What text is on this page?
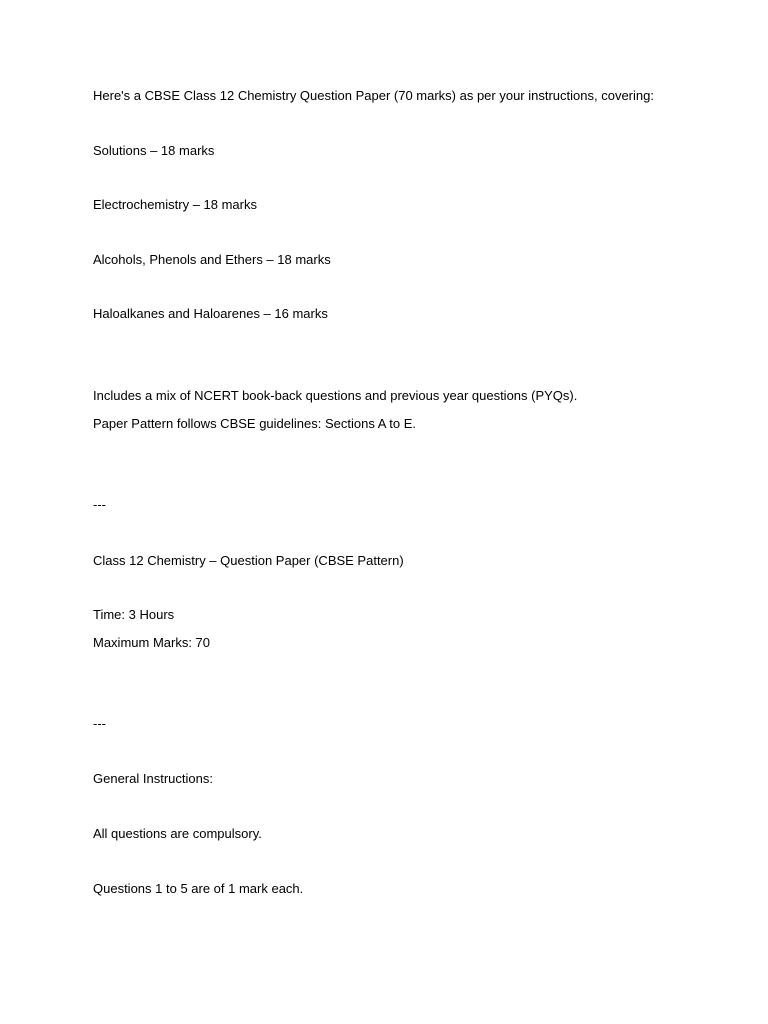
Here's a CBSE Class 12 Chemistry Question Paper (70 marks) as per your instructions, covering:
Solutions – 18 marks
Electrochemistry – 18 marks
Alcohols, Phenols and Ethers – 18 marks
Haloalkanes and Haloarenes – 16 marks
Includes a mix of NCERT book-back questions and previous year questions (PYQs).
Paper Pattern follows CBSE guidelines: Sections A to E.
---
Class 12 Chemistry – Question Paper (CBSE Pattern)
Time: 3 Hours
Maximum Marks: 70
---
General Instructions:
All questions are compulsory.
Questions 1 to 5 are of 1 mark each.
